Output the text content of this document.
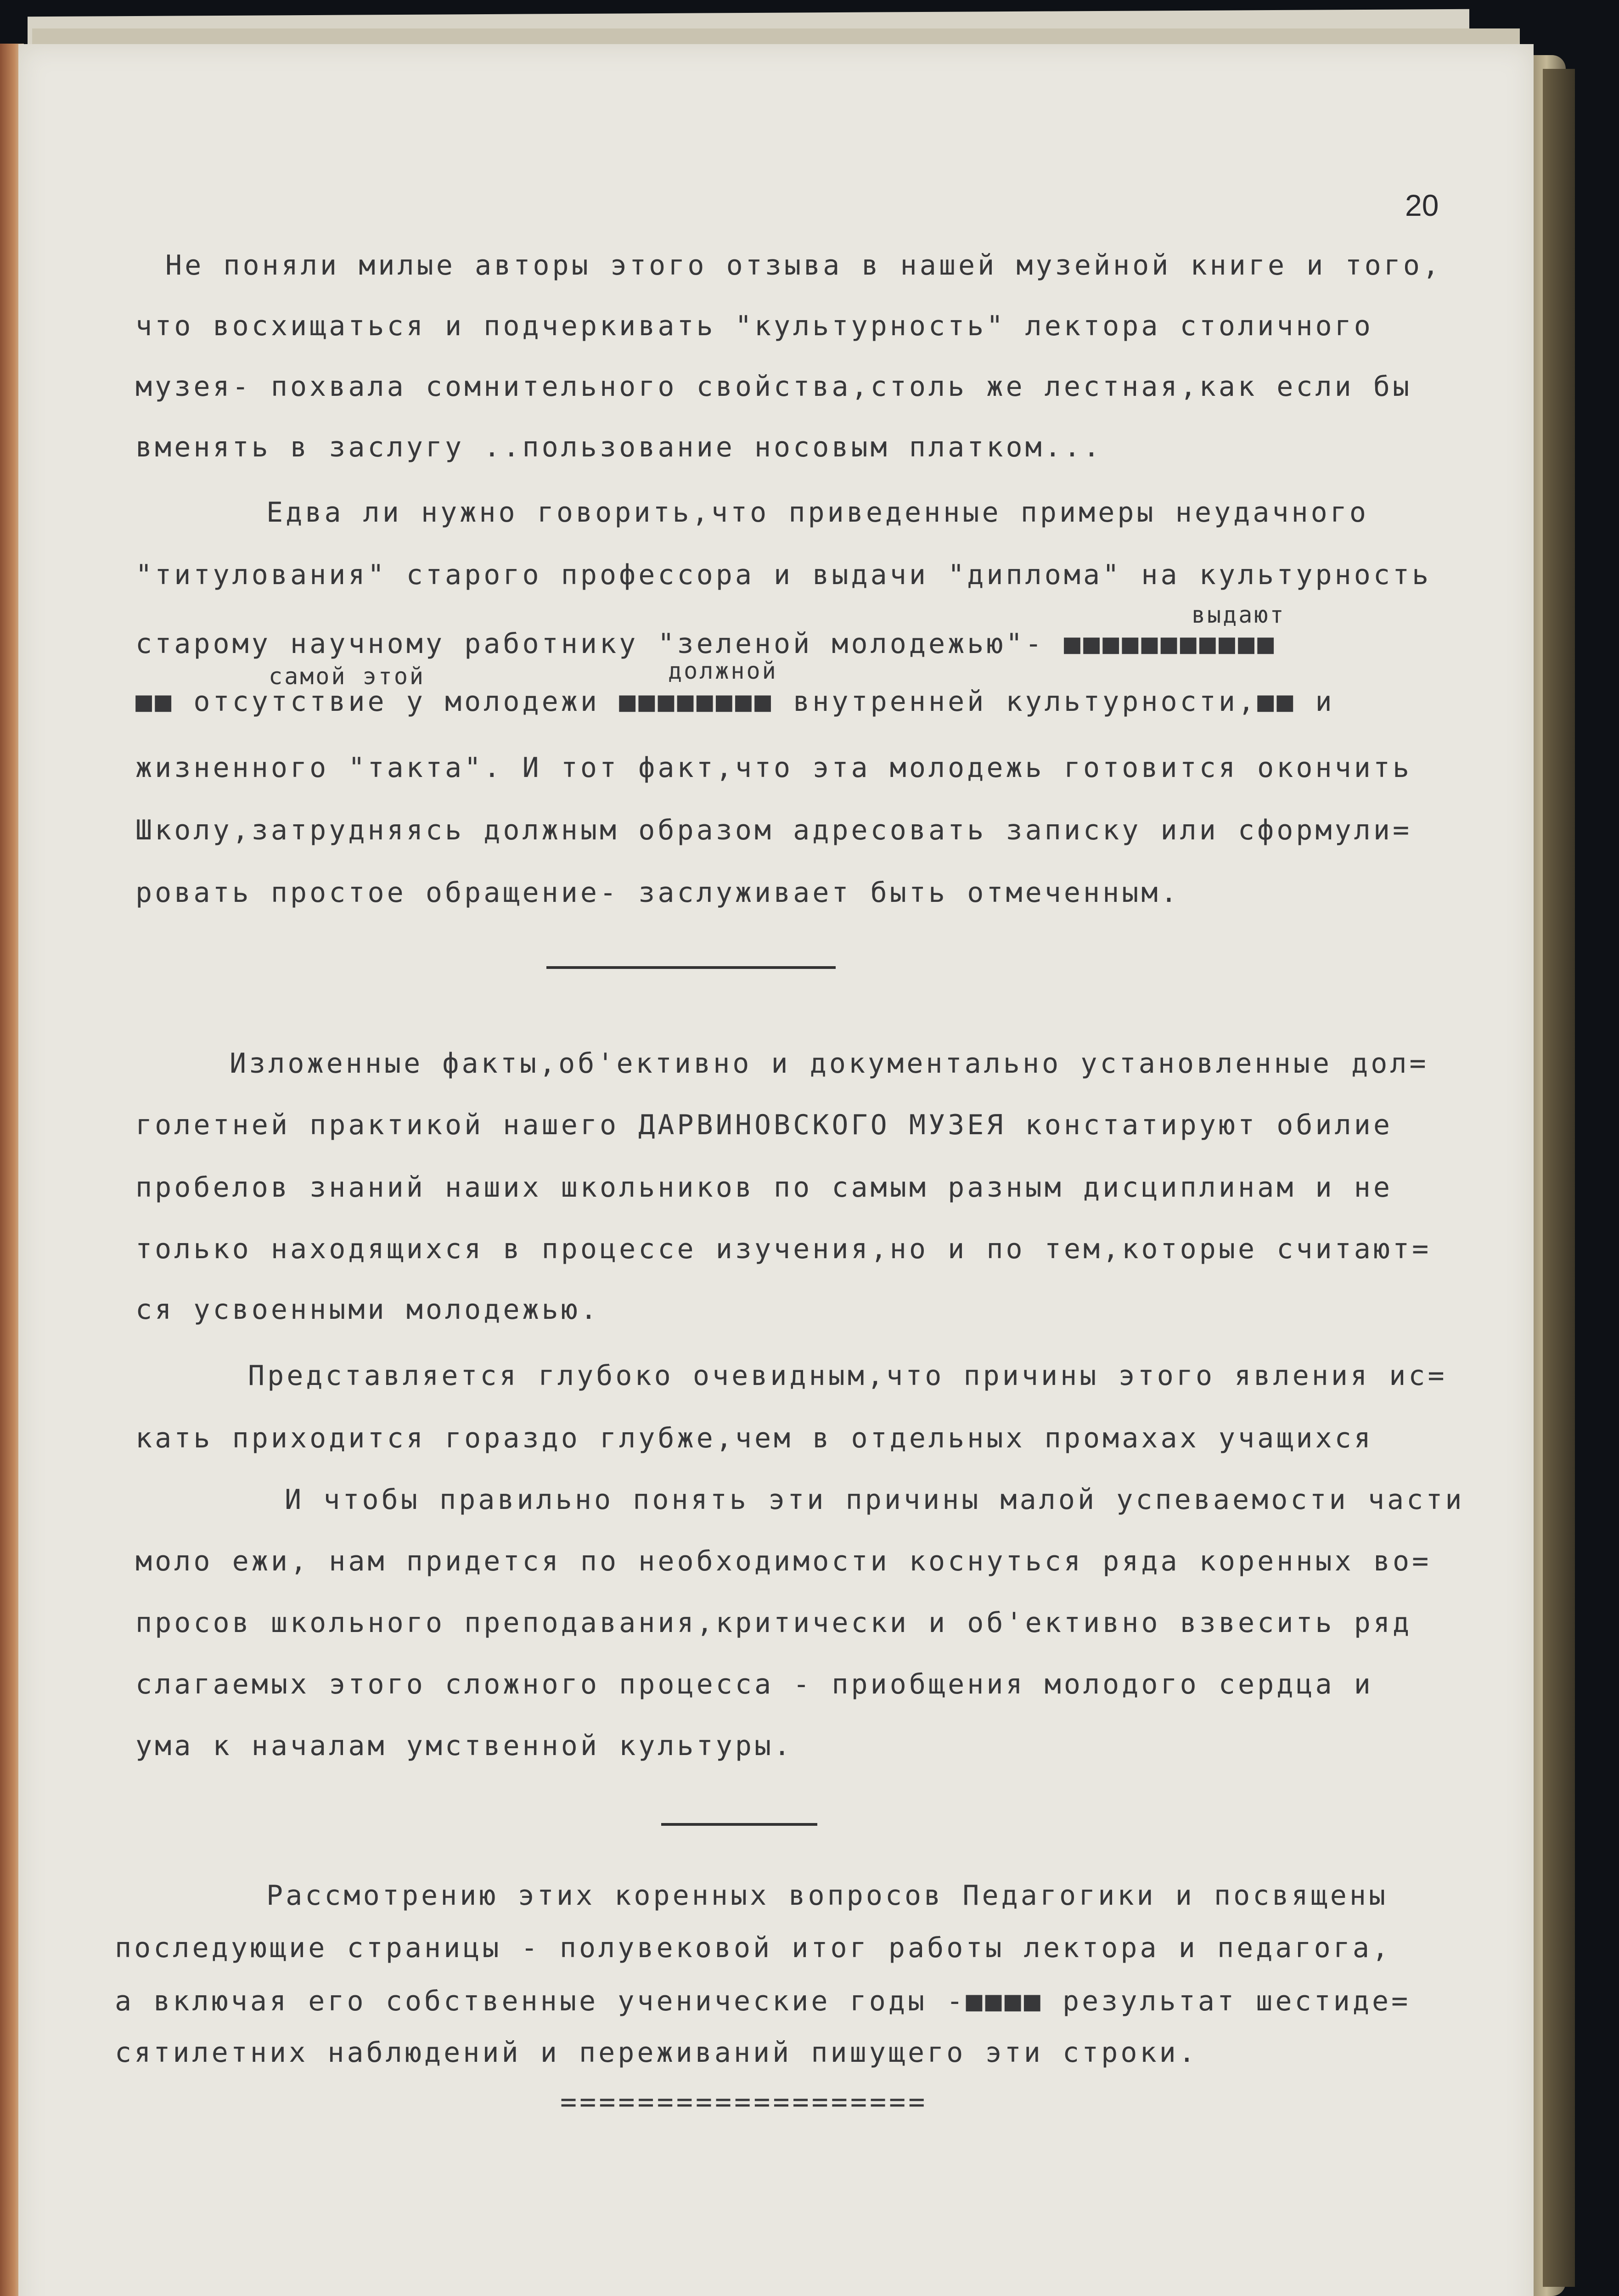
20
Не поняли милые авторы этого отзыва в нашей музейной книге и того,
что восхищаться и подчеркивать "культурность" лектора столичного
музея- похвала сомнительного свойства,столь же лестная,как если бы
вменять в заслугу ..пользование носовым платком...
Едва ли нужно говорить,что приведенные примеры неудачного
"титулования" старого профессора и выдачи "диплома" на культурность
выдают
старому научному работнику "зеленой молодежью"- ■■■■■■■■■■■
самой этой	должной
■■ отсутствие у молодежи ■■■■■■■■ внутренней культурности,■■ и
жизненного "такта". И тот факт,что эта молодежь готовится окончить
Школу,затрудняясь должным образом адресовать записку или сформули=
ровать простое обращение- заслуживает быть отмеченным.
Изложенные факты,об'ективно и документально установленные дол=
голетней практикой нашего ДАРВИНОВСКОГО МУЗЕЯ констатируют обилие
пробелов знаний наших школьников по самым разным дисциплинам и не
только находящихся в процессе изучения,но и по тем,которые считают=
ся усвоенными молодежью.
Представляется глубоко очевидным,что причины этого явления ис=
кать приходится гораздо глубже,чем в отдельных промахах учащихся
И чтобы правильно понять эти причины малой успеваемости части
моло ежи, нам придется по необходимости коснуться ряда коренных во=
просов школьного преподавания,критически и об'ективно взвесить ряд
слагаемых этого сложного процесса - приобщения молодого сердца и
ума к началам умственной культуры.
Рассмотрению этих коренных вопросов Педагогики и посвящены
последующие страницы - полувековой итог работы лектора и педагога,
а включая его собственные ученические годы -■■■■ результат шестиде=
сятилетних наблюдений и переживаний пишущего эти строки.
===================
